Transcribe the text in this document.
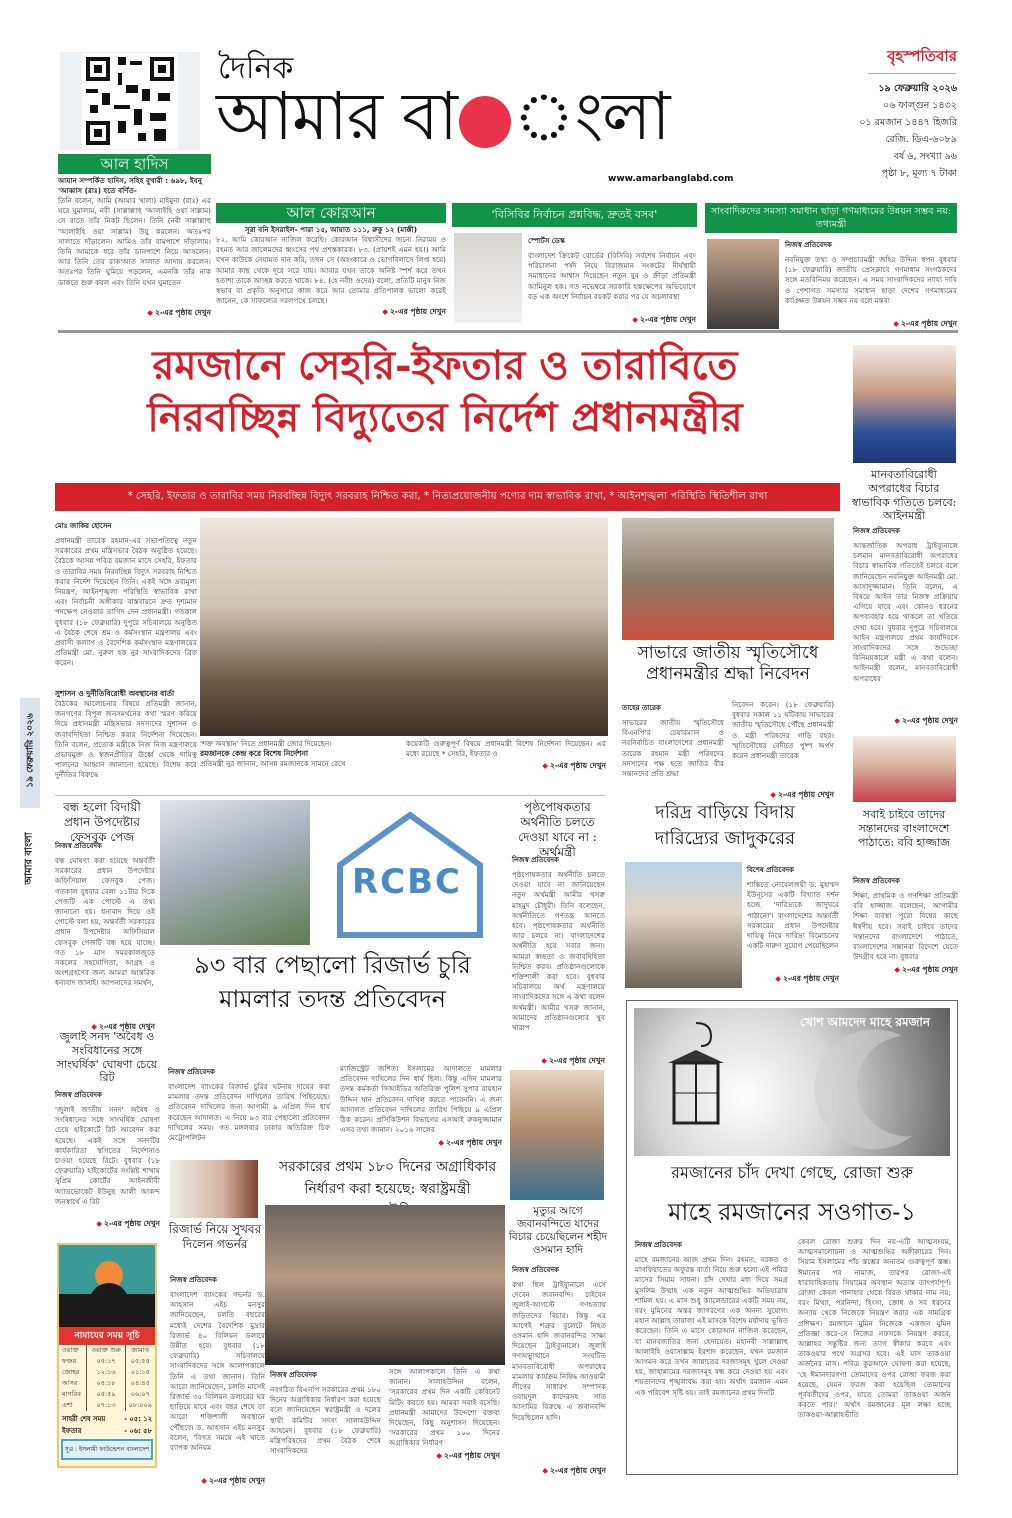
দৈনিক
আমার বা ংলা
www.amarbanglabd.com
বৃহস্পতিবার
১৯ ফেব্রুয়ারি ২০২৬
০৬ ফাল্গুন ১৪৩২
০১ রমজান ১৪৪৭ হিজরি
রেজি. ডিএ-৬০৮৯
বর্ষ ৬, সংখ্যা ৯৬
পৃষ্ঠা ৮, মূল্য ৭ টাকা
আল হাদিস
আযান সম্পর্কিত হাদিস, সহিহ বুখারী : ৬৯৮, ইবনু 'আব্বাস (রাঃ) হতে বর্ণিত-
তিনি বলেন, আমি (আমার খালা) মাইমুনা (রাঃ) এর ঘরে ঘুমালাম, নবী (সাল্লাল্লাহু 'আলাইহি ওয়া সাল্লাম) সে রাতে তাঁর নিকট ছিলেন। তিনি (নবী সাল্লাল্লাহু 'আলাইহি ওয়া সাল্লাম) উযু করলেন। অতঃপর সালাতে দাঁড়ালেন। আমিও তাঁর বামপাশে দাঁড়ালাম। তিনি আমাকে ধরে তাঁর ডানপাশে নিয়ে আসলেন। আর তিনি তের রাক'আত সালাত আদায় করলেন। অতঃপর তিনি ঘুমিয়ে পড়লেন, এমনকি তাঁর নাক ডাকতে শুরু করল এবং তিনি যখন ঘুমাতেন
◆ ২-এর পৃষ্ঠায় দেখুন
আল কোরআন
সূরা বনি ইসরাইল- পারা ১৫, আয়াত ১১১, রুকু ১২ (মাক্কী)
৮২. আমি কোরআন নাজিল করেছি। কোরআন বিশ্বাসীদের জন্যে নিরাময় ও রহমত আর জালেমদের ধ্বংসের পথ প্রশস্তকারক। ৮৩. (প্রায়শই এমন হয়!) আমি যখন কাউকে নেয়ামত দান করি, তখন সে (অহংকারে ও ভোগবিলাসে লিপ্ত হয়ে) আমার কাছ থেকে দূরে সরে যায়। আবার যখন তাকে অনিষ্ট স্পর্শ করে তখন হতাশা তাকে আচ্ছন্ন করতে থাকে। ৮৪. (হে নবী! ওদের) বলো, প্রতিটি মানুষ নিজ স্বভাব বা প্রকৃতি অনুসারে কাজ করে আর তোমার প্রতিপালক ভালো করেই জানেন, কে সাফল্যের সরলপথে চলছে।
◆ ২-এর পৃষ্ঠায় দেখুন
'বিসিবির নির্বাচন প্রশ্নবিদ্ধ, দ্রুতই বসব'
স্পোর্টস ডেস্ক
বাংলাদেশ ক্রিকেট বোর্ডের (বিসিবি) সর্বশেষ নির্বাচন এবং পরিচালনা পর্ষদ নিয়ে বিরাজমান সংকটের দীর্ঘস্থায়ী সমাধানের আশ্বাস দিয়েছেন নতুন যুব ও ক্রীড়া প্রতিমন্ত্রী আমিনুল হক। গত নভেম্বরে সরকারি হস্তক্ষেপের অভিযোগে বড় এক অংশে নির্বাচন বয়কট করার পর যে অচলাবস্থা
◆ ২-এর পৃষ্ঠায় দেখুন
সাংবাদিকদের সমস্যা সমাধান ছাড়া গণমাধ্যমের উন্নয়ন সম্ভব নয়: তথ্যমন্ত্রী
নিজস্ব প্রতিবেদক
নবনিযুক্ত তথ্য ও সম্প্রচারমন্ত্রী জহির উদ্দিন স্বপন বুধবার (১৮ ফেব্রুয়ারি) জাতীয় প্রেসক্লাবে গণমাধ্যম সংগঠকদের সঙ্গে মতবিনিময় করেছেন। এ সময় সাংবাদিকদের ন্যায্য দাবি ও পেশাগত সমস্যার সমাধান ছাড়া দেশের গণমাধ্যমের কাঙ্ক্ষিত উন্নয়ন সম্ভব নয় বলে মন্তব্য
◆ ২-এর পৃষ্ঠায় দেখুন
১৯ ফেব্রুয়ারি ২০২৬
আমার বাংলা
রমজানে সেহরি-ইফতার ও তারাবিতে
নিরবচ্ছিন্ন বিদ্যুতের নির্দেশ প্রধানমন্ত্রীর
* সেহরি, ইফতার ও তারাবির সময় নিরবচ্ছিন্ন বিদ্যুৎ সরবরাহ নিশ্চিত করা, * নিত্যপ্রয়োজনীয় পণ্যের দাম স্বাভাবিক রাখা, * আইনশৃঙ্খলা পরিস্থিতি স্থিতিশীল রাখা
মোঃ জাকির হোসেন
প্রধানমন্ত্রী তারেক রহমান-এর সভাপতিত্বে নতুন সরকারের প্রথম মন্ত্রিসভার বৈঠক অনুষ্ঠিত হয়েছে। বৈঠকে আসন্ন পবিত্র রমজান মাসে সেহরি, ইফতার ও তারাবির সময় নিরবচ্ছিন্ন বিদ্যুৎ সরবরাহ নিশ্চিত করার নির্দেশ দিয়েছেন তিনি। একই সঙ্গে দ্রব্যমূল্য নিয়ন্ত্রণ, আইনশৃঙ্খলা পরিস্থিতি স্বাভাবিক রাখা এবং নির্বাচনী অঙ্গীকার বাস্তবায়নে দ্রুত দৃশ্যমান পদক্ষেপ নেওয়ার তাগিদ দেন প্রধানমন্ত্রী। গতকাল বুধবার (১৮ ফেব্রুয়ারি) দুপুরে সচিবালয়ে অনুষ্ঠিত এ বৈঠক শেষে শ্রম ও কর্মসংস্থান মন্ত্রণালয় এবং প্রবাসী কল্যাণ ও বৈদেশিক কর্মসংস্থান মন্ত্রণালয়ের প্রতিমন্ত্রী মো. নুরুল হক নুর সাংবাদিকদের ব্রিফ করেন।
সুশাসন ও দুর্নীতিবিরোধী অবস্থানের বার্তা
বৈঠকের আলোচনার বিষয়ে প্রতিমন্ত্রী জানান, জনগণের বিপুল জনসমর্থনের কথা স্মরণ করিয়ে দিয়ে প্রধানমন্ত্রী মন্ত্রিসভার সদস্যদের সুশাসন ও জবাবদিহিতা নিশ্চিত করার নির্দেশনা দিয়েছেন। তিনি বলেন, প্রত্যেক মন্ত্রীকে নিজ নিজ মন্ত্রণালয়ে প্রভাবমুক্ত ও স্বজনপ্রীতির ঊর্ধ্বে থেকে দায়িত্ব পালনের আহ্বান জানানো হয়েছে। বিশেষ করে দুর্নীতির বিরুদ্ধে
'শক্ত অবস্থান' নিতে প্রধানমন্ত্রী জোর দিয়েছেন।
রমজানকে কেন্দ্র করে বিশেষ নির্দেশনা
প্রতিমন্ত্রী নুর জানান, আসন্ন রমজানকে সামনে রেখে
কয়েকটি গুরুত্বপূর্ণ বিষয়ে প্রধানমন্ত্রী বিশেষ নির্দেশনা দিয়েছেন। এর মধ্যে রয়েছে * সেহরি, ইফতার ও
◆ ২-এর পৃষ্ঠায় দেখুন
সাভারে জাতীয় স্মৃতিসৌধে প্রধানমন্ত্রীর শ্রদ্ধা নিবেদন
তাহের তারেক
সাভারের জাতীয় স্মৃতিসৌধে বিএনপি'র চেয়ারম্যান ও নবনির্বাচিত বাংলাদেশের প্রধানমন্ত্রী তারেক রহমান মন্ত্রী পরিষদের সদস্যদের পক্ষ হতে জাতির বীর সন্তানদের প্রতি শ্রদ্ধা
নিবেদন করেন। (১৮ ফেব্রুয়ারি) বুধবার সকাল ১১ ঘটিকায় সাভারের জাতীয় স্মৃতিসৌধে পৌঁছে প্রধানমন্ত্রী ও মন্ত্রী পরিষদের গাড়ি বহর। স্মৃতিসৌধের বেদীতে পুষ্প অর্পণ করেন প্রধানমন্ত্রী তারেক
◆ ২-এর পৃষ্ঠায় দেখুন
মানবতাবিরোধী অপরাধের বিচার স্বাভাবিক গতিতে চলবে: আইনমন্ত্রী
নিজস্ব প্রতিবেদক
আন্তর্জাতিক অপরাধ ট্রাইব্যুনালে চলমান মানবতাবিরোধী অপরাধের বিচার স্বাভাবিক গতিতেই চলবে বলে জানিয়েছেন নবনিযুক্ত আইনমন্ত্রী মো. আসাদুজ্জামান। তিনি বলেন, এ বিষয়ে আইন তার নিজস্ব প্রক্রিয়ায় এগিয়ে যাবে এবং কোনও ধরনের অপব্যবহার হয়ে থাকলে তা খতিয়ে দেখা হবে। বুধবার দুপুরে সচিবালয়ে আইন মন্ত্রণালয়ে প্রথম কার্যদিবসে সাংবাদিকদের সঙ্গে শুভেচ্ছা বিনিময়কালে মন্ত্রী এ কথা বলেন। আইনমন্ত্রী বলেন, মানবতাবিরোধী অপরাধের
◆ ২-এর পৃষ্ঠায় দেখুন
বন্ধ হলো বিদায়ী প্রধান উপদেষ্টার ফেসবুক পেজ
নিজস্ব প্রতিবেদক
বন্ধ ঘোষণা করা হয়েছে অন্তর্বর্তী সরকারের প্রধান উপদেষ্টার অফিসিয়াল ফেসবুক পেজ। গতকাল বুধবার বেলা ১১টার দিকে পেজটি এক পোস্টে এ তথ্য জানানো হয়। ধন্যবাদ দিয়ে ওই পোস্টে বলা হয়, অন্তর্বর্তী সরকারের প্রধান উপদেষ্টার অফিসিয়াল ফেসবুক পেজটি বন্ধ হয়ে যাচ্ছে। গত ১৮ মাস সময়কালজুড়ে সকলের সহযোগিতা, আগ্রহ ও অংশগ্রহণের জন্য আমরা আন্তরিক ধন্যবাদ জানাই। আপনাদের সমর্থন,
◆ ২-এর পৃষ্ঠায় দেখুন
RCBC
৯৩ বার পেছালো রিজার্ভ চুরি মামলার তদন্ত প্রতিবেদন
পৃষ্ঠপোষকতার অর্থনীতি চলতে দেওয়া যাবে না : অর্থমন্ত্রী
নিজস্ব প্রতিবেদক
পৃষ্ঠপোষকতার অর্থনীতি চলতে দেওয়া যাবে না জানিয়েছেন নতুন অর্থমন্ত্রী আমীর খসরু মাহমুদ চৌধুরী। তিনি বলেছেন, অর্থনীতিতে গণতন্ত্র আনতে হবে। পৃষ্ঠপোষকতার অর্থনীতি আর চলবে না। বাংলাদেশের অর্থনীতি হবে সবার জন্য। আমরা স্বচ্ছতা ও জবাবদিহিতা নিশ্চিত করব। প্রতিষ্ঠানগুলোকে শক্তিশালী করা হবে। বুধবার সচিবালয়ে অর্থ মন্ত্রণালয়ে সাংবাদিকদের সঙ্গে এ কথা বলেন অর্থমন্ত্রী। আমীর খসরু জানান, আমাদের প্রতিষ্ঠানগুলোর খুব খারাপ
◆ ২-এর পৃষ্ঠায় দেখুন
দরিদ্র বাড়িয়ে বিদায় দারিদ্র্যের জাদুকরের
বিশেষ প্রতিবেদক
শান্তিতে নোবেলজয়ী ড. মুহাম্মদ ইউনূসের একটি বিখ্যাত দর্শন হচ্ছে 'দারিদ্র্যকে জাদুঘরে পাঠানো'। বাংলাদেশের অন্তর্বর্তী সরকারের প্রধান উপদেষ্টার দায়িত্ব নিয়ে দারিদ্র্য বিমোচনের একটি দারুণ সুযোগ পেয়েছিলেন
◆ ২-এর পৃষ্ঠায় দেখুন
সবাই চাইবে তাদের সন্তানদের বাংলাদেশে পাঠাতে: ববি হাজ্জাজ
নিজস্ব প্রতিবেদক
শিক্ষা, প্রাথমিক ও গণশিক্ষা প্রতিমন্ত্রী ববি হাজ্জাজ বলেছেন, আগামীর শিক্ষা ব্যবস্থা পুরো বিশ্বের কাছে ঈর্ষণীয় হবে। সবাই চাইবে তাদের সন্তানদের বাংলাদেশে পাঠাতে, বাংলাদেশের সন্তানরা বিদেশে যেতে উদগ্রীব হবে না। বুধবার
◆ ২-এর পৃষ্ঠায় দেখুন
জুলাই সনদ 'অবৈধ ও সংবিধানের সঙ্গে সাংঘর্ষিক' ঘোষণা চেয়ে রিট
নিজস্ব প্রতিবেদক
'জুলাই জাতীয় সনদ' অবৈধ ও সংবিধানের সঙ্গে সাংঘর্ষিক ঘোষণা চেয়ে হাইকোর্টে রিট আবেদন করা হয়েছে। একই সঙ্গে সনদটির কার্যকারিতা স্থগিতের নির্দেশনাও চাওয়া হয়েছে রিটে। বুধবার (১৮ ফেব্রুয়ারি) হাইকোর্টের সংশ্লিষ্ট শাখায় সুপ্রিম কোর্টের আইনজীবী অ্যাডভোকেট ইউনুছ আলী আকন্দ জনস্বার্থে এ রিট
◆ ২-এর পৃষ্ঠায় দেখুন
নিজস্ব প্রতিবেদক
বাংলাদেশ ব্যাংকের রিজার্ভ চুরির ঘটনায় দায়ের করা মামলায় তদন্ত প্রতিবেদন দাখিলের তারিখ পিছিয়েছে। প্রতিবেদন দাখিলের জন্য আগামী ৯ এপ্রিল দিন ধার্য করেছেন আদালত। এ নিয়ে ৯৩ বার পেছালো প্রতিবেদন দাখিলের সময়। গত মঙ্গলবার ঢাকার অতিরিক্ত চিফ মেট্রোপলিটন
ম্যাজিস্ট্রেট জশিতা ইসলামের আদালতে মামলার প্রতিবেদন দাখিলের দিন ধার্য ছিল। কিন্তু এদিন মামলার তদন্ত কর্মকর্তা সিআইডির অতিরিক্ত পুলিশ সুপার রায়হান উদ্দিন খান প্রতিবেদন দাখিল করতে পারেননি। এ জন্য আদালত প্রতিবেদন দাখিলের তারিখ পিছিয়ে ৯ এপ্রিল ঠিক করেন। প্রসিকিউশন বিভাগের এসআই রুকনুজ্জামান এসব তথ্য জানান। ২০১৬ সালের
◆ ২-এর পৃষ্ঠায় দেখুন
রিজার্ভ নিয়ে সুখবর দিলেন গভর্নর
নিজস্ব প্রতিবেদক
বাংলাদেশ ব্যাংকের গভর্নর ড. আহসান এইচ মনসুর জানিয়েছেন, চলতি বছরের মধ্যেই দেশের বৈদেশিক মুদ্রার রিজার্ভ ৪০ বিলিয়ন ডলারে উন্নীত হবে। বুধবার (১৮ ফেব্রুয়ারি) সচিবালয়ে সাংবাদিকদের সঙ্গে আলাপকালে তিনি এ তথ্য জানান। তিনি আরো জানিয়েছেন, চলতি মাসেই রিজার্ভ ৩৫ বিলিয়ন ডলারের ঘর ছাড়িয়ে যাবে এবং বছর শেষে তা আরো শক্তিশালী অবস্থানে পৌঁছবে। ড. আহসান এইচ মনসুর বলেন, 'বিগত সময়ে এই খাতে ব্যাপক অনিয়ম
◆ ২-এর পৃষ্ঠায় দেখুন
সরকারের প্রথম ১৮০ দিনের অগ্রাধিকার নির্ধারণ করা হয়েছে: স্বরাষ্ট্রমন্ত্রী
নিজস্ব প্রতিবেদক
নবগঠিত বিএনপি সরকারের প্রথম ১৮০ দিনের অগ্রাধিকার নির্ধারণ করা হয়েছে বলে জানিয়েছেন স্বরাষ্ট্রমন্ত্রী ও দলের স্থায়ী কমিটির সদস্য সালাহউদ্দিন আহমেদ। বুধবার (১৮ ফেব্রুয়ারি) মন্ত্রিপরিষদের প্রথম বৈঠক শেষে সাংবাদিকদের
সঙ্গে আলাপকালে তিনি এ কথা জানান। সালাহউদ্দিন বলেন, 'সরকারের প্রথম দিন একটি কেবিনেট মিটিং করতে হয়। আমরা সবাই বসেছি। প্রধানমন্ত্রী আমাদের উদ্দেশ্যে বক্তব্য দিয়েছেন, কিছু অনুশাসন দিয়েছেন। 'সরকারের প্রথম ১০০ দিনের অগ্রাধিকার নির্ধারণ
◆ ২-এর পৃষ্ঠায় দেখুন
মৃত্যুর আগে জবানবন্দিতে যাদের বিচার চেয়েছিলেন শহীদ ওসমান হাদি
নিজস্ব প্রতিবেদক
কথা ছিল ট্রাইব্যুনালে এসে দেবেন জবানবন্দি। চাইবেন জুলাই-আগস্টে গণহত্যায় জড়িতদের বিচার। কিন্তু এর আগেই শত্রুর বুলেটে নিহত ওসমান হাদি জবানবন্দির সাক্ষ্য দিয়েছেন ট্রাইব্যুনালে। জুলাই গণঅভ্যুত্থানে সংঘটিত মানবতাবিরোধী অপরাধের মামলায় কার্যক্রম নিষিদ্ধ আওয়ামী লীগের সাধারণ সম্পাদক ওবায়দুল কাদেরসহ সাত আসামির বিরুদ্ধে এ জবানবন্দি দিয়েছিলেন হাদি।
◆ ২-এর পৃষ্ঠায় দেখুন
নামাযের সময় সূচি
ওয়াক্ত	ওয়াক্ত শুরু	জামাত
ফজর	০৫:১৭	০৫:৫৫
জোহর	১২:১৬	০১:১৫
আসর	০৪:১৮	০৪:৪৫
মাগরিব	০৫:৫৯	০৬:০৭
এশা	০৭:১৩	০৮:০০৯
সাহরী শেষ সময়	- ০৫: ১২
ইফতার	- ০৬: ৫৮
সূত্র : ইসলামী ফাউন্ডেশন বাংলাদেশ
খোশ আমদেদ মাহে রমজান
রমজানের চাঁদ দেখা গেছে, রোজা শুরু
মাহে রমজানের সওগাত-১
নিজস্ব প্রতিবেদক
মাহে রমজানের আজ প্রথম দিন। রহমত, বরকত ও মাগফিরাতের অফুরন্ত বার্তা নিয়ে শুরু হলো এই পবিত্র মাসের সিয়াম সাধনা। চাঁদ দেখার মধ্য দিয়ে সমগ্র মুসলিম উম্মাহ এক নতুন আত্মশুদ্ধির অভিযাত্রায় শামিল হয়। এ মাস শুধু ক্যালেন্ডারের একটি সময় নয়, বরং মুমিনের অন্তর জাগরণের এক অনন্য সুযোগ। মহান আল্লাহ তায়ালা এই মাসকে বিশেষ মর্যাদায় ভূষিত করেছেন। তিনি এ মাসে কোরআন নাজিল করেছেন, যা মানবজাতির জন্য হেদায়েত। মহানবী সাল্লাল্লাহু আলাইহি ওয়াসাল্লাম ইরশাদ করেছেন, যখন রমজান আগমন করে তখন জান্নাতের দরজাসমূহ খুলে দেওয়া হয়, জাহান্নামের দরজাসমূহ বন্ধ করে দেওয়া হয় এবং শয়তানদের শৃঙ্খলাবদ্ধ করা হয়। অর্থাৎ রমজান এমন এক পরিবেশ সৃষ্টি হয়। তাই রমজানের প্রথম দিনটি
কেবল রোজা শুরুর দিন নয়-এটি আত্মসংযম, আত্মসমালোচনা ও আত্মশুদ্ধির অঙ্গীকারের দিন। সিয়াম ইসলামের পাঁচ স্তম্ভের অন্যতম গুরুত্বপূর্ণ স্তম্ভ। ঈমানের পর নামাজ, তারপর রোজা-এই ধারাবাহিকতায় সিয়ামের অবস্থান অত্যন্ত তাৎপর্যপূর্ণ। রোজা কেবল পানাহার থেকে বিরত থাকার নাম নয়; বরং মিথ্যা, পরনিন্দা, হিংসা, ক্রোধ ও সব ধরনের অন্যায় থেকে নিজেকে নিয়ন্ত্রণ করার এক সামগ্রিক প্রশিক্ষণ। রমজানে মুমিন নিজেকে একজন মুমিন প্রতিজ্ঞা করে-সে নিজের নফসকে নিয়ন্ত্রণ করবে, আল্লাহর সন্তুষ্টির জন্য ত্যাগ স্বীকার করবে এবং তাকওয়ার পথে অগ্রসর হবে। এই মাস তাকওয়া অর্জনের মাস। পবিত্র কুরআনে ঘোষণা করা হয়েছে, 'হে ঈমানদারগণ! তোমাদের ওপর রোজা ফরজ করা হয়েছে, যেমন ফরজ করা হয়েছিল তোমাদের পূর্ববর্তীদের ওপর, যাতে তোমরা তাকওয়া অর্জন করতে পার।' অর্থাৎ রমজানের মূল লক্ষ্য হচ্ছে তাকওয়া-আল্লাহভীতি
